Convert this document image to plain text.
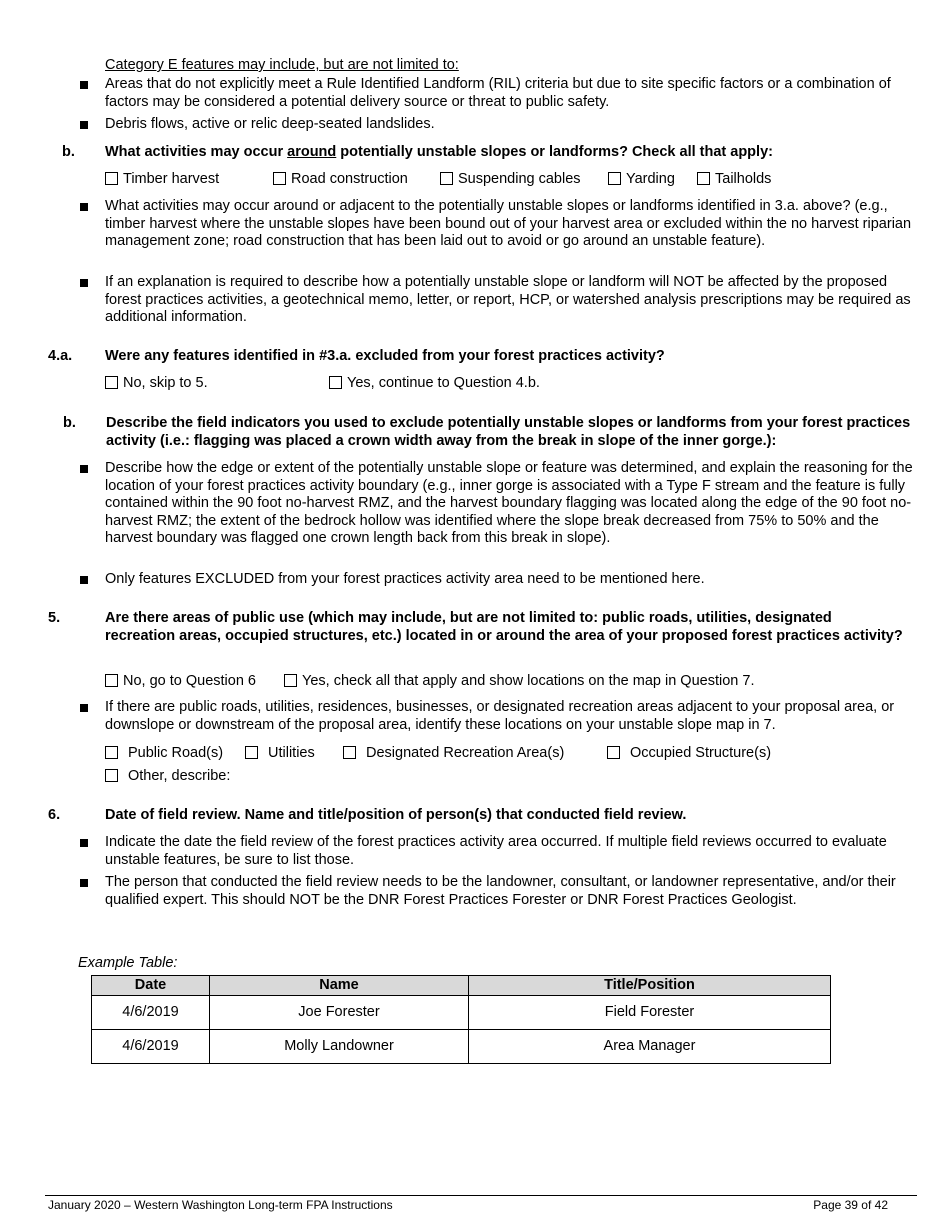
Category E features may include, but are not limited to:
Areas that do not explicitly meet a Rule Identified Landform (RIL) criteria but due to site specific factors or a combination of factors may be considered a potential delivery source or threat to public safety.
Debris flows, active or relic deep-seated landslides.
b. What activities may occur around potentially unstable slopes or landforms? Check all that apply:
Timber harvest	Road construction	Suspending cables	Yarding	Tailholds
What activities may occur around or adjacent to the potentially unstable slopes or landforms identified in 3.a. above? (e.g., timber harvest where the unstable slopes have been bound out of your harvest area or excluded within the no harvest riparian management zone; road construction that has been laid out to avoid or go around an unstable feature).
If an explanation is required to describe how a potentially unstable slope or landform will NOT be affected by the proposed forest practices activities, a geotechnical memo, letter, or report, HCP, or watershed analysis prescriptions may be required as additional information.
4.a. Were any features identified in #3.a. excluded from your forest practices activity?
No, skip to 5.	Yes, continue to Question 4.b.
b. Describe the field indicators you used to exclude potentially unstable slopes or landforms from your forest practices activity (i.e.: flagging was placed a crown width away from the break in slope of the inner gorge.):
Describe how the edge or extent of the potentially unstable slope or feature was determined, and explain the reasoning for the location of your forest practices activity boundary (e.g., inner gorge is associated with a Type F stream and the feature is fully contained within the 90 foot no-harvest RMZ, and the harvest boundary flagging was located along the edge of the 90 foot no-harvest RMZ; the extent of the bedrock hollow was identified where the slope break decreased from 75% to 50% and the harvest boundary was flagged one crown length back from this break in slope).
Only features EXCLUDED from your forest practices activity area need to be mentioned here.
5.	Are there areas of public use (which may include, but are not limited to: public roads, utilities, designated recreation areas, occupied structures, etc.) located in or around the area of your proposed forest practices activity?
No, go to Question 6	Yes, check all that apply and show locations on the map in Question 7.
If there are public roads, utilities, residences, businesses, or designated recreation areas adjacent to your proposal area, or downslope or downstream of the proposal area, identify these locations on your unstable slope map in 7.
Public Road(s)	Utilities	Designated Recreation Area(s)	Occupied Structure(s)
Other, describe:
6.	Date of field review. Name and title/position of person(s) that conducted field review.
Indicate the date the field review of the forest practices activity area occurred. If multiple field reviews occurred to evaluate unstable features, be sure to list those.
The person that conducted the field review needs to be the landowner, consultant, or landowner representative, and/or their qualified expert. This should NOT be the DNR Forest Practices Forester or DNR Forest Practices Geologist.
Example Table:
Date	Name	Title/Position
4/6/2019	Joe Forester	Field Forester
4/6/2019	Molly Landowner	Area Manager
January 2020 – Western Washington Long-term FPA Instructions	Page 39 of 42
